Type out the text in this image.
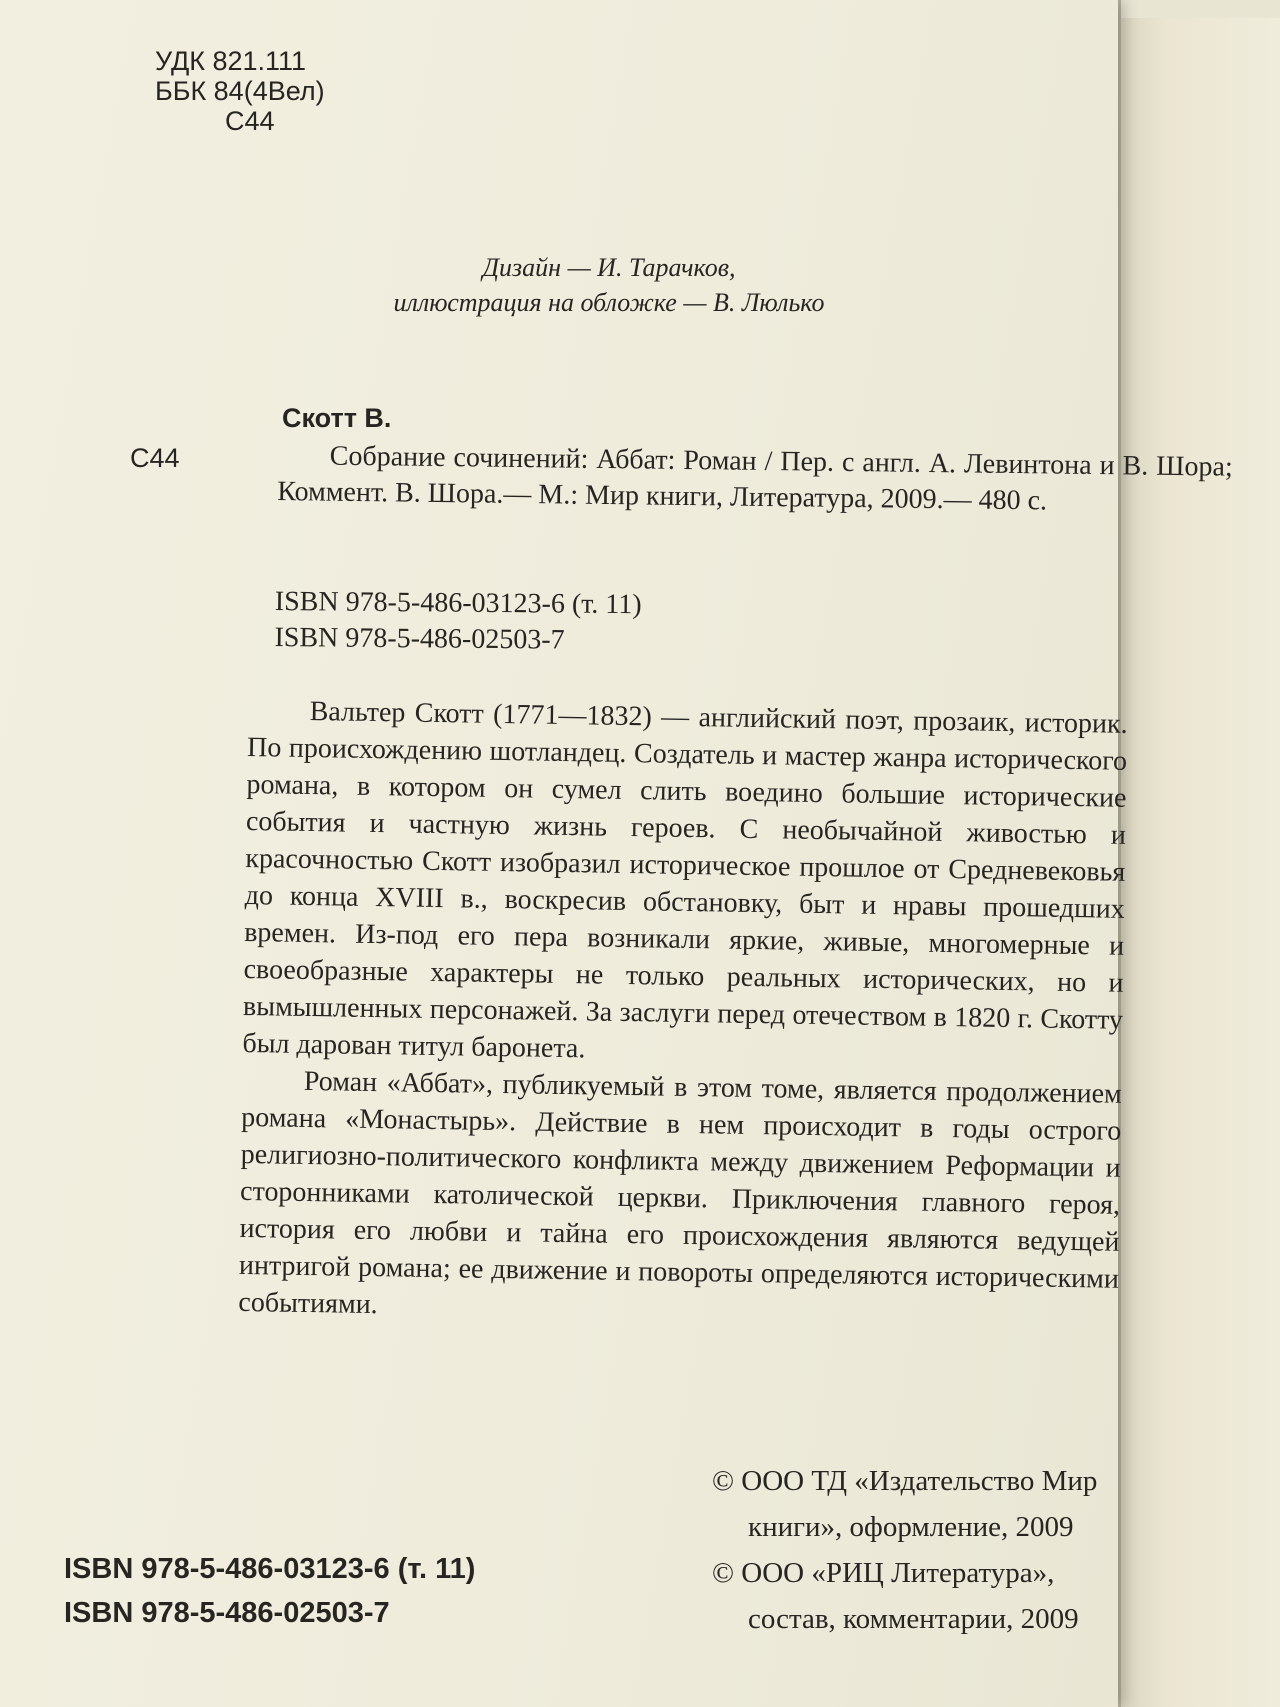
УДК 821.111
ББК 84(4Вел)
С44
Дизайн — И. Тарачков,
иллюстрация на обложке — В. Люлько
Скотт В.
С44	Собрание сочинений: Аббат: Роман / Пер. с англ. А. Левинтона и В. Шора; Коммент. В. Шора.— М.: Мир книги, Литература, 2009.— 480 с.
ISBN 978-5-486-03123-6 (т. 11)
ISBN 978-5-486-02503-7

Вальтер Скотт (1771—1832) — английский поэт, прозаик, историк. По происхождению шотландец. Создатель и мастер жанра исторического романа, в котором он сумел слить воедино большие исторические события и частную жизнь героев. С необычайной живостью и красочностью Скотт изобразил историческое прошлое от Средневековья до конца XVIII в., воскресив обстановку, быт и нравы прошедших времен. Из-под его пера возникали яркие, живые, многомерные и своеобразные характеры не только реальных исторических, но и вымышленных персонажей. За заслуги перед отечеством в 1820 г. Скотту был дарован титул баронета.

Роман «Аббат», публикуемый в этом томе, является продолжением романа «Монастырь». Действие в нем происходит в годы острого религиозно-политического конфликта между движением Реформации и сторонниками католической церкви. Приключения главного героя, история его любви и тайна его происхождения являются ведущей интригой романа; ее движение и повороты определяются историческими событиями.

ISBN 978-5-486-03123-6 (т. 11)
ISBN 978-5-486-02503-7
© ООО ТД «Издательство Мир
книги», оформление, 2009
© ООО «РИЦ Литература»,
состав, комментарии, 2009
